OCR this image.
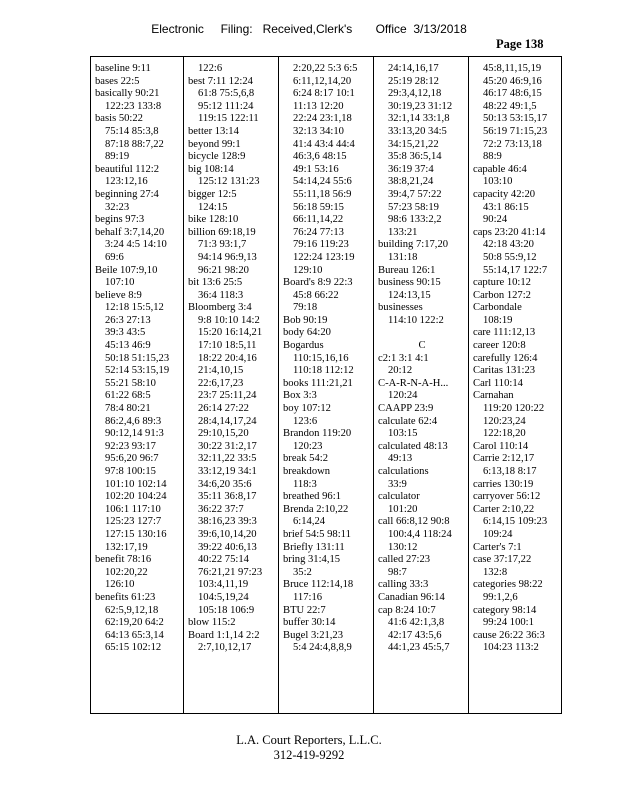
Electronic     Filing:   Received,Clerk's       Office  3/13/2018
Page 138
baseline 9:11
bases 22:5
basically 90:21
122:23 133:8
basis 50:22
75:14 85:3,8
87:18 88:7,22
89:19
beautiful 112:2
123:12,16
beginning 27:4
32:23
begins 97:3
behalf 3:7,14,20
3:24 4:5 14:10
69:6
Beile 107:9,10
107:10
believe 8:9
12:18 15:5,12
26:3 27:13
39:3 43:5
45:13 46:9
50:18 51:15,23
52:14 53:15,19
55:21 58:10
61:22 68:5
78:4 80:21
86:2,4,6 89:3
90:12,14 91:3
92:23 93:17
95:6,20 96:7
97:8 100:15
101:10 102:14
102:20 104:24
106:1 117:10
125:23 127:7
127:15 130:16
132:17,19
benefit 78:16
102:20,22
126:10
benefits 61:23
62:5,9,12,18
62:19,20 64:2
64:13 65:3,14
65:15 102:12
122:6
best 7:11 12:24
61:8 75:5,6,8
95:12 111:24
119:15 122:11
better 13:14
beyond 99:1
bicycle 128:9
big 108:14
125:12 131:23
bigger 12:5
124:15
bike 128:10
billion 69:18,19
71:3 93:1,7
94:14 96:9,13
96:21 98:20
bit 13:6 25:5
36:4 118:3
Bloomberg 3:4
9:8 10:10 14:2
15:20 16:14,21
17:10 18:5,11
18:22 20:4,16
21:4,10,15
22:6,17,23
23:7 25:11,24
26:14 27:22
28:4,14,17,24
29:10,15,20
30:22 31:2,17
32:11,22 33:5
33:12,19 34:1
34:6,20 35:6
35:11 36:8,17
36:22 37:7
38:16,23 39:3
39:6,10,14,20
39:22 40:6,13
40:22 75:14
76:21,21 97:23
103:4,11,19
104:5,19,24
105:18 106:9
blow 115:2
Board 1:1,14 2:2
2:7,10,12,17
2:20,22 5:3 6:5
6:11,12,14,20
6:24 8:17 10:1
11:13 12:20
22:24 23:1,18
32:13 34:10
41:4 43:4 44:4
46:3,6 48:15
49:1 53:16
54:14,24 55:6
55:11,18 56:9
56:18 59:15
66:11,14,22
76:24 77:13
79:16 119:23
122:24 123:19
129:10
Board's 8:9 22:3
45:8 66:22
79:18
Bob 90:19
body 64:20
Bogardus
110:15,16,16
110:18 112:12
books 111:21,21
Box 3:3
boy 107:12
123:6
Brandon 119:20
120:23
break 54:2
breakdown
118:3
breathed 96:1
Brenda 2:10,22
6:14,24
brief 54:5 98:11
Briefly 131:11
bring 31:4,15
35:2
Bruce 112:14,18
117:16
BTU 22:7
buffer 30:14
Bugel 3:21,23
5:4 24:4,8,8,9
24:14,16,17
25:19 28:12
29:3,4,12,18
30:19,23 31:12
32:1,14 33:1,8
33:13,20 34:5
34:15,21,22
35:8 36:5,14
36:19 37:4
38:8,21,24
39:4,7 57:22
57:23 58:19
98:6 133:2,2
133:21
building 7:17,20
131:18
Bureau 126:1
business 90:15
124:13,15
businesses
114:10 122:2
C
c2:1 3:1 4:1
20:12
C-A-R-N-A-H...
120:24
CAAPP 23:9
calculate 62:4
103:15
calculated 48:13
49:13
calculations
33:9
calculator
101:20
call 66:8,12 90:8
100:4,4 118:24
130:12
called 27:23
98:7
calling 33:3
Canadian 96:14
cap 8:24 10:7
41:6 42:1,3,8
42:17 43:5,6
44:1,23 45:5,7
45:8,11,15,19
45:20 46:9,16
46:17 48:6,15
48:22 49:1,5
50:13 53:15,17
56:19 71:15,23
72:2 73:13,18
88:9
capable 46:4
103:10
capacity 42:20
43:1 86:15
90:24
caps 23:20 41:14
42:18 43:20
50:8 55:9,12
55:14,17 122:7
capture 10:12
Carbon 127:2
Carbondale
108:19
care 111:12,13
career 120:8
carefully 126:4
Caritas 131:23
Carl 110:14
Carnahan
119:20 120:22
120:23,24
122:18,20
Carol 110:14
Carrie 2:12,17
6:13,18 8:17
carries 130:19
carryover 56:12
Carter 2:10,22
6:14,15 109:23
109:24
Carter's 7:1
case 37:17,22
132:8
categories 98:22
99:1,2,6
category 98:14
99:24 100:1
cause 26:22 36:3
104:23 113:2
L.A. Court Reporters, L.L.C.
312-419-9292
